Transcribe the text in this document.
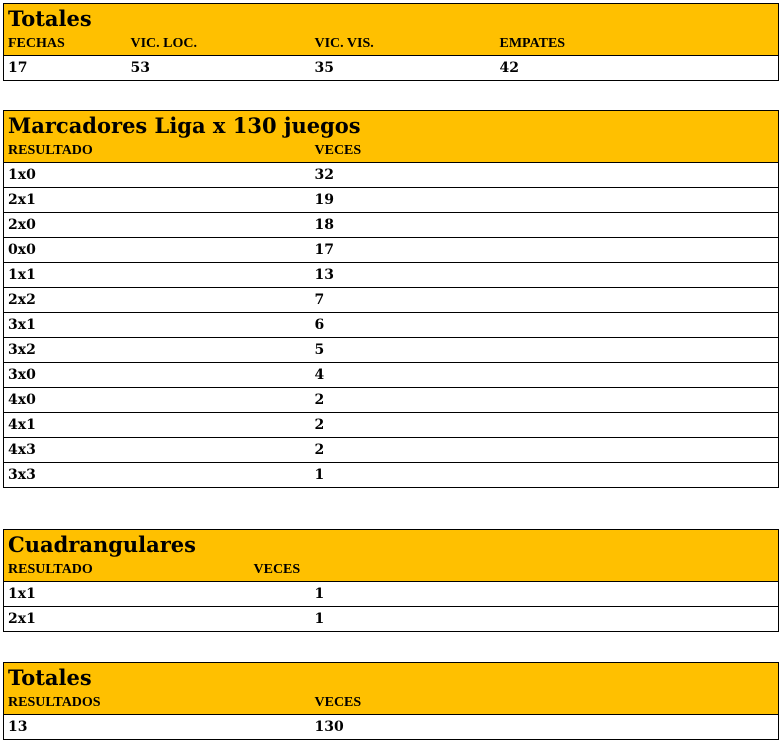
Totales			
FECHAS	VIC. LOC.	VIC. VIS.	EMPATES
17	53	35	42
Marcadores Liga x 130 juegos	
RESULTADO	VECES
1x0	32
2x1	19
2x0	18
0x0	17
1x1	13
2x2	7
3x1	6
3x2	5
3x0	4
4x0	2
4x1	2
4x3	2
3x3	1
Cuadrangulares		
RESULTADO	VECES	
1x1		1
2x1		1
Totales	
RESULTADOS	VECES
13	130
